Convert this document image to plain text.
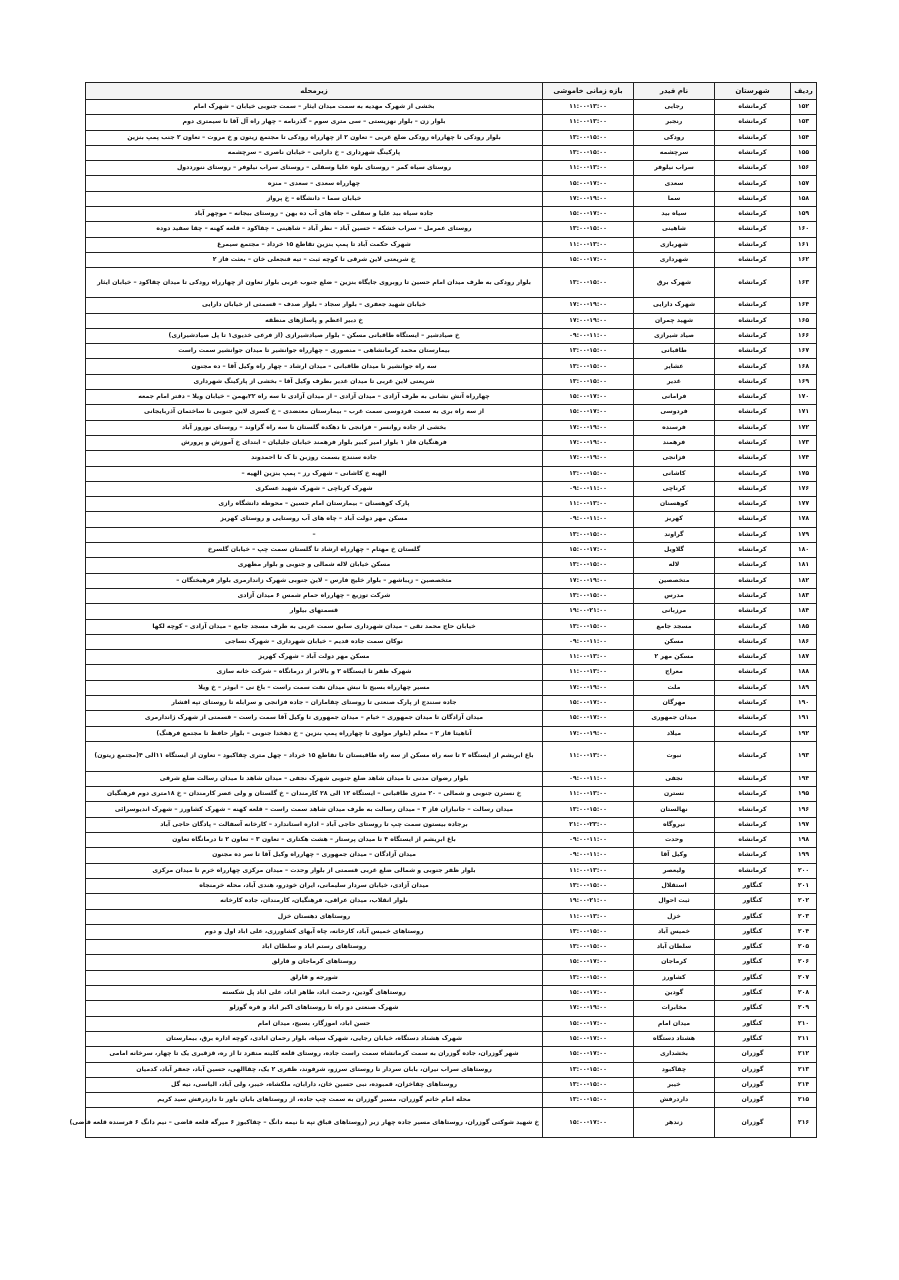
ردیف	شهرستان	نام فیدر	بازه زمانی خاموشی	زیرمحله
۱۵۲	کرمانشاه	رجایی	۱۱:۰۰-۱۳:۰۰	بخشی از شهرک مهدیه به سمت میدان ایثار – سمت جنوبی خیابان – شهرک امام
۱۵۳	کرمانشاه	رنجبر	۱۱:۰۰-۱۳:۰۰	بلوار زن – بلوار نهزیستی – سی متری سوم – گذرنامه – چهار راه آل آقا تا سیمتری دوم
۱۵۴	کرمانشاه	رودکی	۱۳:۰۰-۱۵:۰۰	بلوار رودکی تا چهارراه رودکی ضلع غربی – تعاون ۲ از چهارراه رودکی تا مجتمع زیتون و خ مروت – تعاون ۲ جنب پمپ بنزین
۱۵۵	کرمانشاه	سرچشمه	۱۳:۰۰-۱۵:۰۰	پارکینگ شهرداری – خ دارایی – خیابان ناصری – سرچشمه
۱۵۶	کرمانشاه	سراب نیلوفر	۱۱:۰۰-۱۳:۰۰	روستای سیاه کمر – روستای بلوه علیا وسفلی – روستای سراب نیلوفر – روستای ننورددول
۱۵۷	کرمانشاه	سعدی	۱۵:۰۰-۱۷:۰۰	چهارراه سعدی – سعدی – منزه
۱۵۸	کرمانشاه	سما	۱۷:۰۰-۱۹:۰۰	خیابان سما – دانشگاه – خ پرواز
۱۵۹	کرمانشاه	سیاه بید	۱۵:۰۰-۱۷:۰۰	جاده سیاه بید علیا و سفلی – جاه های آب ده بهن – روستای بیجانه – موچهر آباد
۱۶۰	کرمانشاه	شاهینی	۱۳:۰۰-۱۵:۰۰	روستای عمرمل – سراب خشکه – حسین آباد – نظر آباد – شاهینی – چقاکود – قلعه کهنه – چقا سفید دوده
۱۶۱	کرمانشاه	شهربازی	۱۱:۰۰-۱۳:۰۰	شهرک حکمت آباد تا پمپ بنزین تقاطع ۱۵ خرداد – مجتمع سیمرغ
۱۶۲	کرمانشاه	شهرداری	۱۵:۰۰-۱۷:۰۰	خ شریعتی لاین شرقی تا کوچه ثبت – تیه قنجعلی خان – بعثت فاز ۲
۱۶۳	کرمانشاه	شهرک برق	۱۳:۰۰-۱۵:۰۰	بلوار رودکی به طرف میدان امام حسین تا روبروی جایگاه بنزین – ضلع جنوب غربی بلوار تعاون از چهارراه رودکی تا میدان چقاکود – خیابان ایثار
۱۶۴	کرمانشاه	شهرک دارایی	۱۷:۰۰-۱۹:۰۰	خیابان شهید جعفری – بلوار سجاد – بلوار صدف – قسمتی از خیابان دارایی
۱۶۵	کرمانشاه	شهید چمران	۱۷:۰۰-۱۹:۰۰	خ دبیر اعظم و پاساژهای منطقه
۱۶۶	کرمانشاه	صیاد شیرازی	۰۹:۰۰-۱۱:۰۰	خ صیادشیر – ایستگاه طاقبانی مسکن – بلوار صیادشیرازی (از فرعی خدیوی۱ تا پل صیادشیرازی)
۱۶۷	کرمانشاه	طاقبانی	۱۳:۰۰-۱۵:۰۰	بیمارستان محمد کرمانشاهی – منصوری – چهارراه جوانشیر تا میدان جوانشیر سمت راست
۱۶۸	کرمانشاه	عشایر	۱۳:۰۰-۱۵:۰۰	سه راه جوانشیر تا میدان طاقبانی – میدان ارشاد – چهار راه وکیل آقا – ده مجنون
۱۶۹	کرمانشاه	غدیر	۱۳:۰۰-۱۵:۰۰	شریعتی لاین غربی تا میدان غدیر بطرف وکیل آقا – بخشی از پارکینگ شهرداری
۱۷۰	کرمانشاه	فرامانی	۱۵:۰۰-۱۷:۰۰	چهارراه آتش نشانی به طرف آزادی – میدان آزادی – از میدان آزادی تا سه راه ۲۲بهمن – خیابان ویلا – دفتر امام جمعه
۱۷۱	کرمانشاه	فردوسی	۱۵:۰۰-۱۷:۰۰	از سه راه بری به سمت فردوسی سمت غرب – بیمارستان معتضدی – خ کسری لاین جنوبی تا ساختمان آذربایجانی
۱۷۲	کرمانشاه	فرسنده	۱۷:۰۰-۱۹:۰۰	بخشی از جاده روانسر – فزانجی تا دهکده گلستان تا سه راه گراوند – روستای نوروز آباد
۱۷۳	کرمانشاه	فرهمند	۱۷:۰۰-۱۹:۰۰	فرهنگیان فاز ۱ بلوار امیر کبیر بلوار فرهمند خیابان جلیلیان – ابتدای خ آموزش و پرورش
۱۷۴	کرمانشاه	فزانجی	۱۷:۰۰-۱۹:۰۰	جاده سنندج بسمت روزبن تا ک تا احمدوند
۱۷۵	کرمانشاه	کاشانی	۱۳:۰۰-۱۵:۰۰	الهیه خ کاشانی – شهرک رز – پمپ بنزین الهیه –
۱۷۶	کرمانشاه	کرناچی	۰۹:۰۰-۱۱:۰۰	شهرک کرناچی – شهرک شهید عسکری
۱۷۷	کرمانشاه	کوهسنان	۱۱:۰۰-۱۳:۰۰	پارک کوهسنان – بیمارستان امام حسین – محوطه دانشگاه رازی
۱۷۸	کرمانشاه	کهریز	۰۹:۰۰-۱۱:۰۰	مسکن مهر دولت آباد – چاه های آب روستایی و روستای کهریز
۱۷۹	کرمانشاه	گراوند	۱۳:۰۰-۱۵:۰۰	–
۱۸۰	کرمانشاه	گلاویل	۱۵:۰۰-۱۷:۰۰	گلستان خ مهتام – چهارراه ارشاد تا گلستان سمت چپ – خیابان گلسرخ
۱۸۱	کرمانشاه	لاله	۱۳:۰۰-۱۵:۰۰	مسکن خیابان لاله شمالی و جنوبی و بلوار مطهری
۱۸۲	کرمانشاه	متخصصین	۱۷:۰۰-۱۹:۰۰	متخصصین – زیباشهر – بلوار خلیج فارس – لاین جنوبی شهرک زاندارمری بلوار فرهیختگان –
۱۸۳	کرمانشاه	مدرس	۱۳:۰۰-۱۵:۰۰	شرکت توزیع – چهارراه حمام شمس ۶ میدان آزادی
۱۸۴	کرمانشاه	مرزبانی	۱۹:۰۰-۲۱:۰۰	قسمتهای بیلوار
۱۸۵	کرمانشاه	مسجد جامع	۱۳:۰۰-۱۵:۰۰	خیابان حاج محمد تقی – میدان شهرداری سابق سمت غربی به طرف مسجد جامع – میدان آزادی – کوچه لکها
۱۸۶	کرمانشاه	مسکن	۰۹:۰۰-۱۱:۰۰	نوکان سمت جاده قدیم – خیابان شهرداری – شهرک نساجی
۱۸۷	کرمانشاه	مسکن مهر ۲	۱۱:۰۰-۱۳:۰۰	مسکن مهر دولت آباد – شهرک کهریز
۱۸۸	کرمانشاه	معراج	۱۱:۰۰-۱۳:۰۰	شهرک ظفر تا ایستگاه ۲ و بالاتر از درمانگاه – شرکت خانه سازی
۱۸۹	کرمانشاه	ملت	۱۷:۰۰-۱۹:۰۰	مسیر چهارراه بسیج تا نبش میدان نفت سمت راست – باغ نی – ابوذر – خ ویلا
۱۹۰	کرمانشاه	مهرگان	۱۵:۰۰-۱۷:۰۰	جاده سنندج از پارک صنعتی تا روستای چقاماران – جاده فزانجی و سرابله تا روستای تپه افشار
۱۹۱	کرمانشاه	میدان جمهوری	۱۵:۰۰-۱۷:۰۰	میدان آزادگان تا میدان جمهوری – خیام – میدان جمهوری تا وکیل آقا سمت راست – قسمتی از شهرک ژاندارمری
۱۹۲	کرمانشاه	میلاد	۱۷:۰۰-۱۹:۰۰	آناهیتا فاز ۲ – معلم (بلوار مولوی تا چهارراه پمپ بنزین – خ دهخدا جنوبی – بلوار حافظ تا مجتمع فرهنگ)
۱۹۳	کرمانشاه	نبوت	۱۱:۰۰-۱۳:۰۰	باغ ابریشم از ایستگاه ۲ تا سه راه مسکن از سه راه طاقبستان تا تقاطع ۱۵ خرداد – چهل متری چقاکبود – تعاون از ایستگاه ۱۱الی ۴(مجتمع زیتون)
۱۹۴	کرمانشاه	نجفی	۰۹:۰۰-۱۱:۰۰	بلوار رضوان مدنی تا میدان شاهد ضلع جنوبی شهرک نجفی – میدان شاهد تا میدان رسالت ضلع شرقی
۱۹۵	کرمانشاه	نسترن	۱۱:۰۰-۱۳:۰۰	خ نسترن جنوبی و شمالی – ۲۰ متری طاقبانی – ایستگاه ۱۲ الی ۲۸ کارمندان – خ گلستان و ولی عصر کارمندان – خ ۱۸متری دوم فرهنگیان
۱۹۶	کرمانشاه	نهالستان	۱۳:۰۰-۱۵:۰۰	میدان رسالت – جانبازان فاز ۳ – میدان رسالت به طرف میدان شاهد سمت راست – قلعه کهنه – شهرک کشاورز – شهرک اندیوسرائی
۱۹۷	کرمانشاه	نیروگاه	۲۱:۰۰-۲۳:۰۰	برجاده بیستون سمت چپ تا روستای حاجی آباد – اداره استاندارد – کارخانه آسفالت – پادگان حاجی آباد
۱۹۸	کرمانشاه	وحدت	۰۹:۰۰-۱۱:۰۰	باغ ابریشم از ایستگاه ۴ تا میدان پرستار – هشت هکتاری – تعاون ۳ – تعاون ۲ تا درمانگاه تعاون
۱۹۹	کرمانشاه	وکیل آقا	۰۹:۰۰-۱۱:۰۰	میدان آزادگان – میدان جمهوری – چهارراه وکیل آقا تا سر ده مجنون
۲۰۰	کرمانشاه	ولیعصر	۱۱:۰۰-۱۳:۰۰	بلوار ظفر جنوبی و شمالی ضلع غربی قسمتی از بلوار وحدت – میدان مرکزی چهارراه خرم تا میدان مرکزی
۲۰۱	کنگاور	استقلال	۱۳:۰۰-۱۵:۰۰	میدان آزادی، خیابان سردار سلیمانی، ایران خودرو، هندی آباد، محله خرمنجاه
۲۰۲	کنگاور	ثبت احوال	۱۹:۰۰-۲۱:۰۰	بلوار انقلاب، میدان عراقی، فرهنگیان، کارمندان، جاده کارخانه
۲۰۳	کنگاور	خزل	۱۱:۰۰-۱۳:۰۰	روستاهای دهستان خزل
۲۰۴	کنگاور	خمیس آباد	۱۳:۰۰-۱۵:۰۰	روستاهای خمیس آباد، کارخانه، چاه آبهای کشاورزی، علی اباد اول و دوم
۲۰۵	کنگاور	سلطان آباد	۱۳:۰۰-۱۵:۰۰	روستاهای رستم اباد و سلطان اباد
۲۰۶	کنگاور	کرماجان	۱۵:۰۰-۱۷:۰۰	روستاهای کرماجان و قارلق
۲۰۷	کنگاور	کشاورز	۱۳:۰۰-۱۵:۰۰	شورجه و قارلق
۲۰۸	کنگاور	گودین	۱۵:۰۰-۱۷:۰۰	روستاهای گودین، رحمت اباد، طاهر اباد، علی اباد پل شکسته
۲۰۹	کنگاور	مخابرات	۱۷:۰۰-۱۹:۰۰	شهرک صنعتی دو راه تا روستاهای اکبر اباد و قره گوزلو
۲۱۰	کنگاور	میدان امام	۱۵:۰۰-۱۷:۰۰	حسن اباد، اموزگار، بسیج، میدان امام
۲۱۱	کنگاور	هشتاد دستگاه	۱۵:۰۰-۱۷:۰۰	شهرک هشتاد دستگاه، خیابان رجایی، شهرک سپاه، بلوار رحمان ابادی، کوچه اداره برق، بیمارستان
۲۱۲	گوزران	بخشداری	۱۵:۰۰-۱۷:۰۰	شهر گوزران، جاده گوزران به سمت کرمانشاه سمت راست جاده، روستای قلعه کلینه منفرد تا از ره، قزقبری یک تا چهار، سرخانه امامی
۲۱۳	گوزران	چقاکبود	۱۳:۰۰-۱۵:۰۰	روستاهای سراب نیران، بابان سردار تا روستای سرزو، شرفوند، ظفری ۲ یک، چقاالهی، حسین آباد، جعفر آباد، کدمیان
۲۱۴	گوزران	خیبر	۱۳:۰۰-۱۵:۰۰	روستاهای چقاخزان، قمبوده، نبی حسین خان، دارابان، ملکشاه، خیبر، ولی آباد، الیاسی، نیه گل
۲۱۵	گوزران	داردرفش	۱۳:۰۰-۱۵:۰۰	محله امام خاتم گوزران، مسیر گوزران به سمت چپ جاده، از روستاهای بابان باور تا داردرفش سید کریم
۲۱۶	گوزران	زندهر	۱۵:۰۰-۱۷:۰۰	خ شهید شوکتی گوزران، روستاهای مسیر جاده چهار زبر (روستاهای قباق تپه تا نیمه دانگ – چقاکبوز ۶ میرگه قلعه قاضی – نیم دانگ ۶ فرسنده قلعه قاضی)
